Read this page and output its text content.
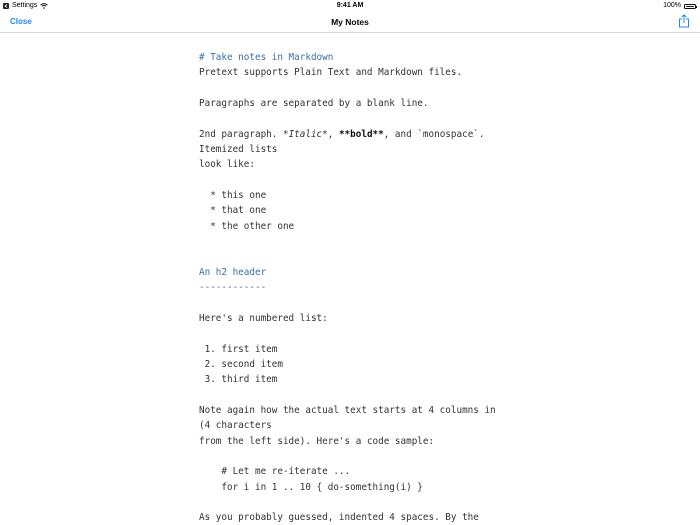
Settings	9:41 AM	100%
Close	My Notes
# Take notes in Markdown
Pretext supports Plain Text and Markdown files.
Paragraphs are separated by a blank line.
2nd paragraph. *Italic*, **bold**, and `monospace`.
Itemized lists
look like:
* this one
* that one
* the other one
An h2 header
------------
Here's a numbered list:
1. first item
2. second item
3. third item
Note again how the actual text starts at 4 columns in
(4 characters
from the left side). Here's a code sample:
# Let me re-iterate ...
for i in 1 .. 10 { do-something(i) }
As you probably guessed, indented 4 spaces. By the
